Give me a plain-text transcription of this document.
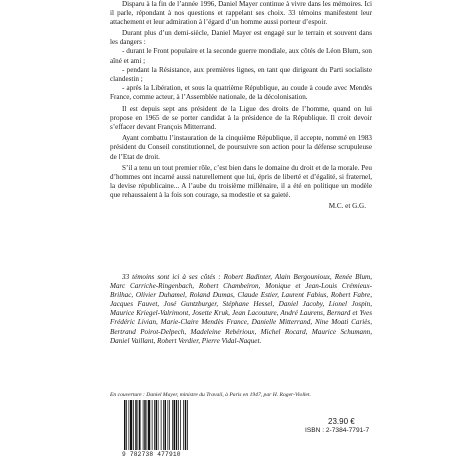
Disparu à la fin de l’année 1996, Daniel Mayer continue à vivre dans les mémoires. Ici il parle, répondant à nos questions et rappelant ses choix. 33 témoins manifestent leur attachement et leur admiration à l’égard d’un homme aussi porteur d’espoir.

Durant plus d’un demi-siècle, Daniel Mayer est engagé sur le terrain et souvent dans les dangers :

- durant le Front populaire et la seconde guerre mondiale, aux côtés de Léon Blum, son aîné et ami ;

- pendant la Résistance, aux premières lignes, en tant que dirigeant du Parti socialiste clandestin ;

- après la Libération, et sous la quatrième République, au coude à coude avec Mendès France, comme acteur, à l’Assemblée nationale, de la décolonisation.

Il est depuis sept ans président de la Ligue des droits de l’homme, quand on lui propose en 1965 de se porter candidat à la présidence de la République. Il croit devoir s’effacer devant François Mitterrand.

Ayant combattu l’instauration de la cinquième République, il accepte, nommé en 1983 président du Conseil constitutionnel, de poursuivre son action pour la défense scrupuleuse de l’Etat de droit.

S’il a tenu un tout premier rôle, c’est bien dans le domaine du droit et de la morale. Peu d’hommes ont incarné aussi naturellement que lui, épris de liberté et d’égalité, si fraternel, la devise républicaine... A l’aube du troisième millénaire, il a été en politique un modèle que rehaussaient à la fois son courage, sa modestie et sa gaieté.

M.C. et G.G.

33 témoins sont ici à ses côtés : Robert Badinter, Alain Bergounioux, Renée Blum, Marc Carriche-Ringenbach, Robert Chambeiron, Monique et Jean-Louis Crémieux-Brilhac, Olivier Duhamel, Roland Dumas, Claude Estier, Laurent Fabius, Robert Fabre, Jacques Fauvet, José Guntzburger, Stéphane Hessel, Daniel Jacoby, Lionel Jospin, Maurice Kriegel-Valrimont, Josette Kruk, Jean Lacouture, André Laurens, Bernard et Yves Frédéric Livian, Marie-Claire Mendès France, Danielle Mitterrand, Nine Moati Cariès, Bertrand Poirot-Delpech, Madeleine Rebérioux, Michel Rocard, Maurice Schumann, Daniel Vaillant, Robert Verdier, Pierre Vidal-Naquet.

En couverture : Daniel Mayer, ministre du Travail, à Paris en 1947, par H. Roger-Viollet.

9 782738 477910
23.90 €
ISBN : 2-7384-7791-7
